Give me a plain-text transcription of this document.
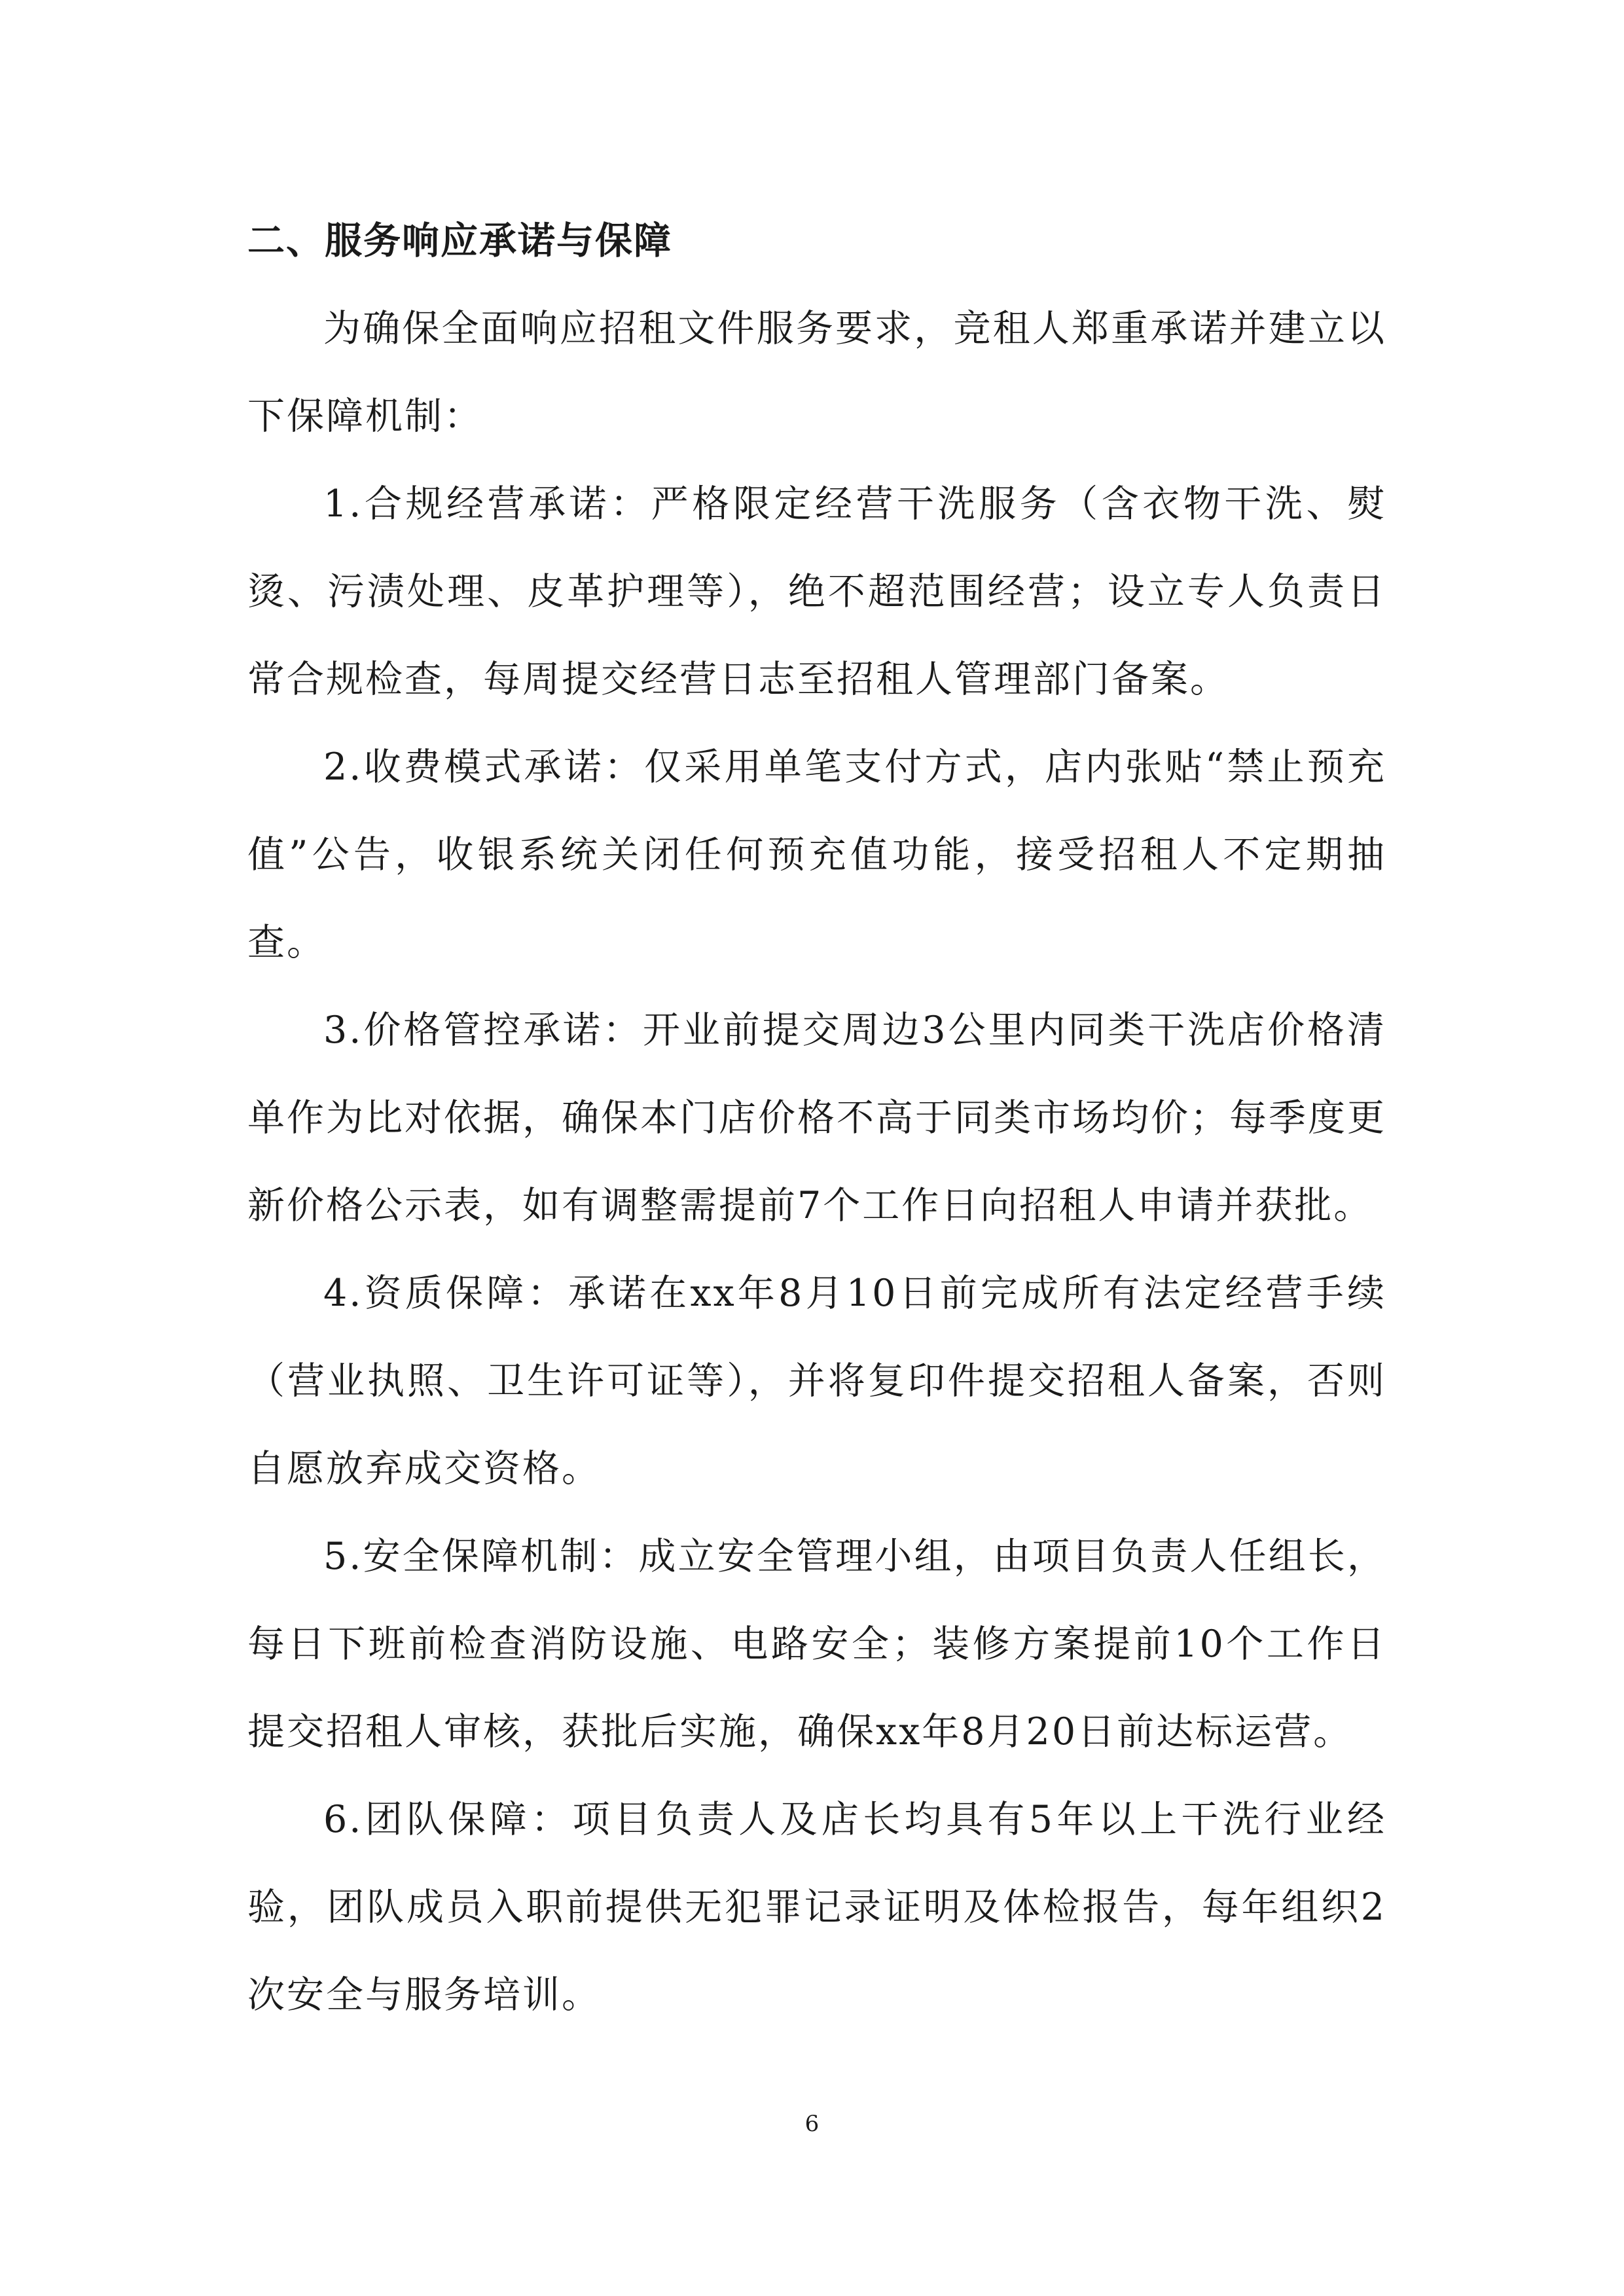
二、服务响应承诺与保障

为确保全面响应招租文件服务要求，竞租人郑重承诺并建立以下保障机制：

1.合规经营承诺：严格限定经营干洗服务（含衣物干洗、熨烫、污渍处理、皮革护理等），绝不超范围经营；设立专人负责日常合规检查，每周提交经营日志至招租人管理部门备案。

2.收费模式承诺：仅采用单笔支付方式，店内张贴“禁止预充值”公告，收银系统关闭任何预充值功能，接受招租人不定期抽查。

3.价格管控承诺：开业前提交周边3公里内同类干洗店价格清单作为比对依据，确保本门店价格不高于同类市场均价；每季度更新价格公示表，如有调整需提前7个工作日向招租人申请并获批。

4.资质保障：承诺在xx年8月10日前完成所有法定经营手续（营业执照、卫生许可证等），并将复印件提交招租人备案，否则自愿放弃成交资格。

5.安全保障机制：成立安全管理小组，由项目负责人任组长，每日下班前检查消防设施、电路安全；装修方案提前10个工作日提交招租人审核，获批后实施，确保xx年8月20日前达标运营。

6.团队保障：项目负责人及店长均具有5年以上干洗行业经验，团队成员入职前提供无犯罪记录证明及体检报告，每年组织2次安全与服务培训。

6
